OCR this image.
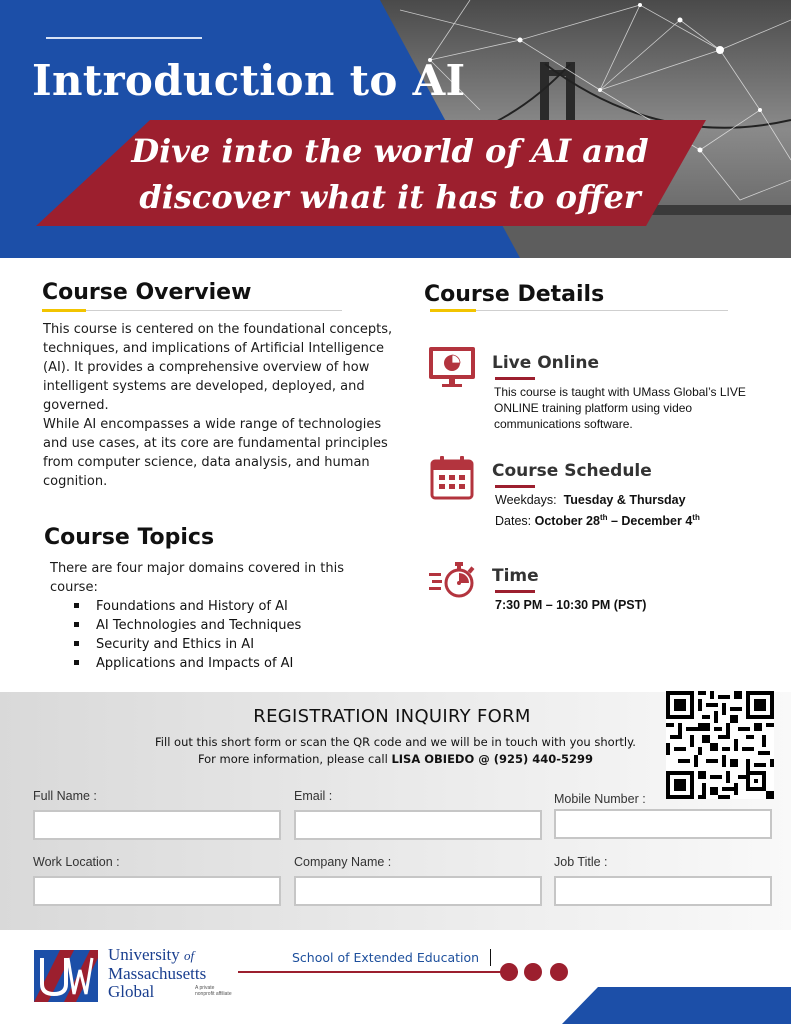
Introduction to AI
Dive into the world of AI and
discover what it has to offer
Course Overview
This course is centered on the foundational concepts,
techniques, and implications of Artificial Intelligence
(AI). It provides a comprehensive overview of how
intelligent systems are developed, deployed, and
governed.
While AI encompasses a wide range of technologies
and use cases, at its core are fundamental principles
from computer science, data analysis, and human
cognition.
Course Topics
There are four major domains covered in this
course:
Foundations and History of AI
AI Technologies and Techniques
Security and Ethics in AI
Applications and Impacts of AI
Course Details
Live Online
This course is taught with UMass Global’s LIVE
ONLINE training platform using video
communications software.
Course Schedule
Weekdays: Tuesday & Thursday
Dates: October 28th – December 4th
Time
7:30 PM – 10:30 PM (PST)
REGISTRATION INQUIRY FORM
Fill out this short form or scan the QR code and we will be in touch with you shortly.
For more information, please call LISA OBIEDO @ (925) 440-5299
Full Name :	Email :	Mobile Number :
Work Location :	Company Name :	Job Title :
University of
Massachusetts
Global	A private
nonprofit affiliate
School of Extended Education
